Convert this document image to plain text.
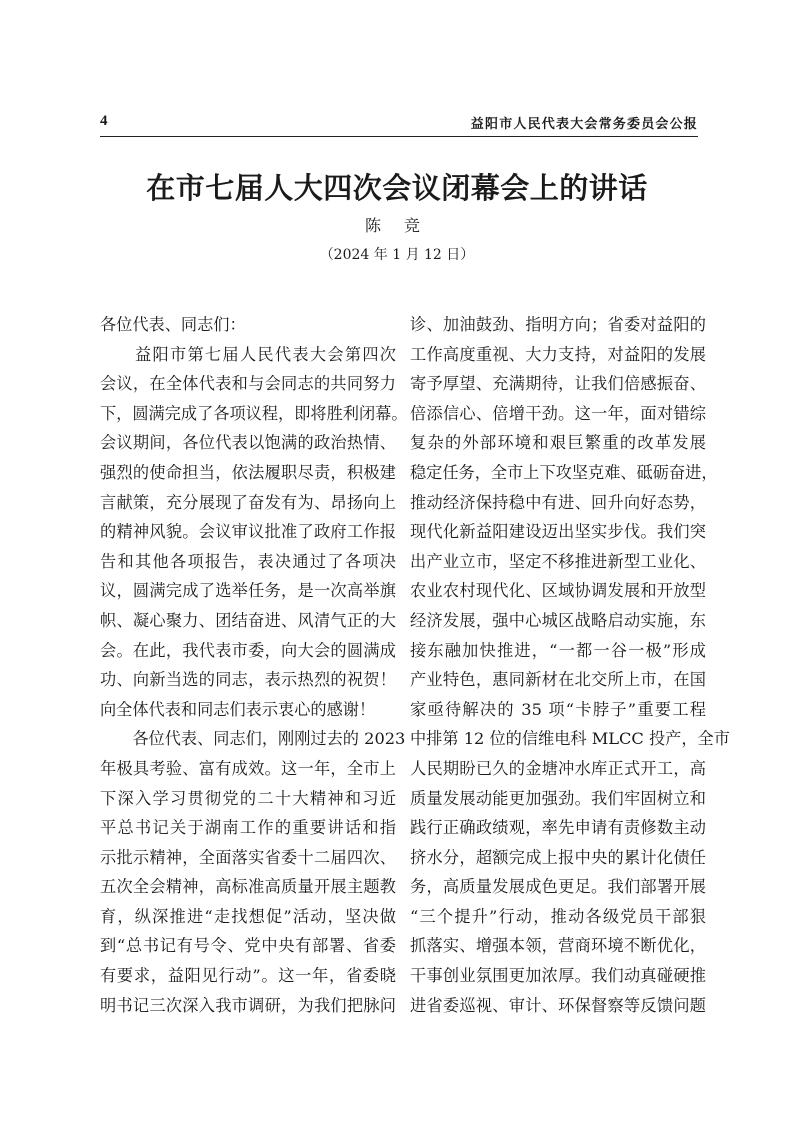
4	益阳市人民代表大会常务委员会公报
在市七届人大四次会议闭幕会上的讲话
陈 竞
（2024 年 1 月 12 日）
各位代表、同志们：
　　益阳市第七届人民代表大会第四次
会议，在全体代表和与会同志的共同努力
下，圆满完成了各项议程，即将胜利闭幕。
会议期间，各位代表以饱满的政治热情、
强烈的使命担当，依法履职尽责，积极建
言献策，充分展现了奋发有为、昂扬向上
的精神风貌。会议审议批准了政府工作报
告和其他各项报告，表决通过了各项决
议，圆满完成了选举任务，是一次高举旗
帜、凝心聚力、团结奋进、风清气正的大
会。在此，我代表市委，向大会的圆满成
功、向新当选的同志，表示热烈的祝贺！
向全体代表和同志们表示衷心的感谢！
　　各位代表、同志们，刚刚过去的 2023
年极具考验、富有成效。这一年，全市上
下深入学习贯彻党的二十大精神和习近
平总书记关于湖南工作的重要讲话和指
示批示精神，全面落实省委十二届四次、
五次全会精神，高标准高质量开展主题教
育，纵深推进“走找想促”活动，坚决做
到“总书记有号令、党中央有部署、省委
有要求，益阳见行动”。这一年，省委晓
明书记三次深入我市调研，为我们把脉问
诊、加油鼓劲、指明方向；省委对益阳的
工作高度重视、大力支持，对益阳的发展
寄予厚望、充满期待，让我们倍感振奋、
倍添信心、倍增干劲。这一年，面对错综
复杂的外部环境和艰巨繁重的改革发展
稳定任务，全市上下攻坚克难、砥砺奋进，
推动经济保持稳中有进、回升向好态势，
现代化新益阳建设迈出坚实步伐。我们突
出产业立市，坚定不移推进新型工业化、
农业农村现代化、区域协调发展和开放型
经济发展，强中心城区战略启动实施，东
接东融加快推进，“一都一谷一极”形成
产业特色，惠同新材在北交所上市，在国
家亟待解决的 35 项“卡脖子”重要工程
中排第 12 位的信维电科 MLCC 投产，全市
人民期盼已久的金塘冲水库正式开工，高
质量发展动能更加强劲。我们牢固树立和
践行正确政绩观，率先申请有责修数主动
挤水分，超额完成上报中央的累计化债任
务，高质量发展成色更足。我们部署开展
“三个提升”行动，推动各级党员干部狠
抓落实、增强本领，营商环境不断优化，
干事创业氛围更加浓厚。我们动真碰硬推
进省委巡视、审计、环保督察等反馈问题
